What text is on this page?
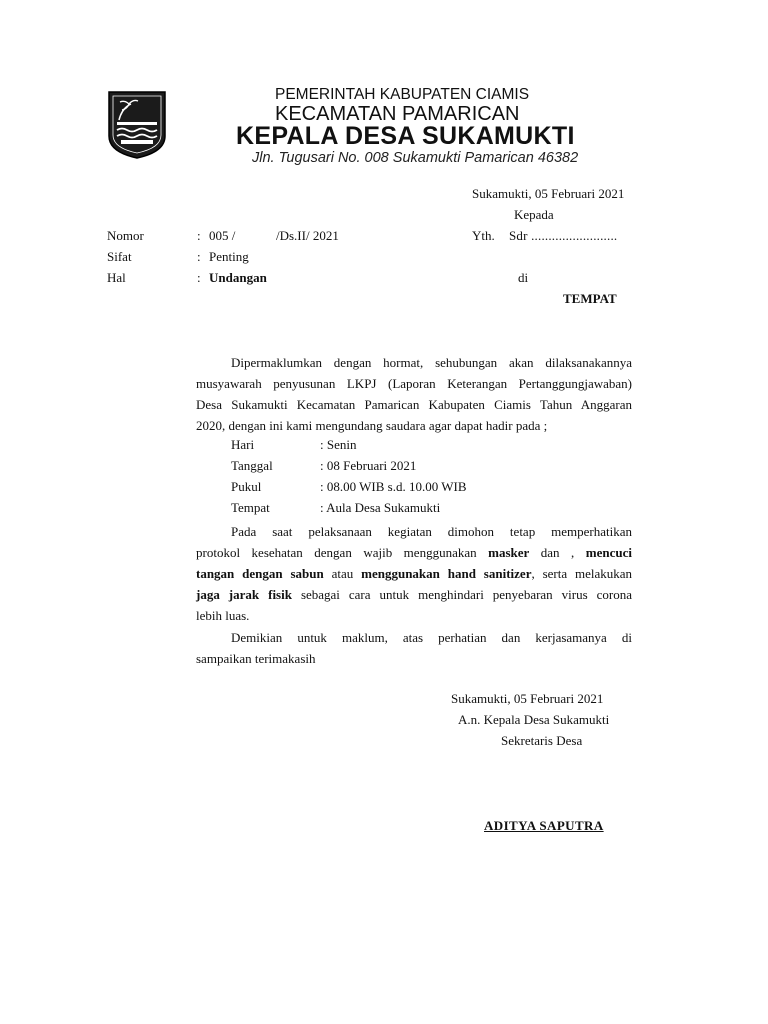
PEMERINTAH KABUPATEN CIAMIS
KECAMATAN PAMARICAN
KEPALA DESA SUKAMUKTI
Jln. Tugusari No. 008 Sukamukti Pamarican 46382
Sukamukti, 05 Februari 2021
Kepada
Yth. Sdr .........................
di
TEMPAT
Nomor	: 005 /	/Ds.II/ 2021
Sifat	: Penting
Hal	: Undangan
Dipermaklumkan dengan hormat, sehubungan akan dilaksanakannya
musyawarah penyusunan LKPJ (Laporan Keterangan Pertanggungjawaban)
Desa Sukamukti Kecamatan Pamarican Kabupaten Ciamis Tahun Anggaran
2020, dengan ini kami mengundang saudara agar dapat hadir pada ;
Hari	: Senin
Tanggal	: 08 Februari 2021
Pukul	: 08.00 WIB s.d. 10.00 WIB
Tempat	: Aula Desa Sukamukti
Pada saat pelaksanaan kegiatan dimohon tetap memperhatikan
protokol kesehatan dengan wajib menggunakan masker dan , mencuci
tangan dengan sabun atau menggunakan hand sanitizer, serta melakukan
jaga jarak fisik sebagai cara untuk menghindari penyebaran virus corona
lebih luas.
Demikian untuk maklum, atas perhatian dan kerjasamanya di
sampaikan terimakasih
Sukamukti, 05 Februari 2021
A.n. Kepala Desa Sukamukti
Sekretaris Desa
ADITYA SAPUTRA
